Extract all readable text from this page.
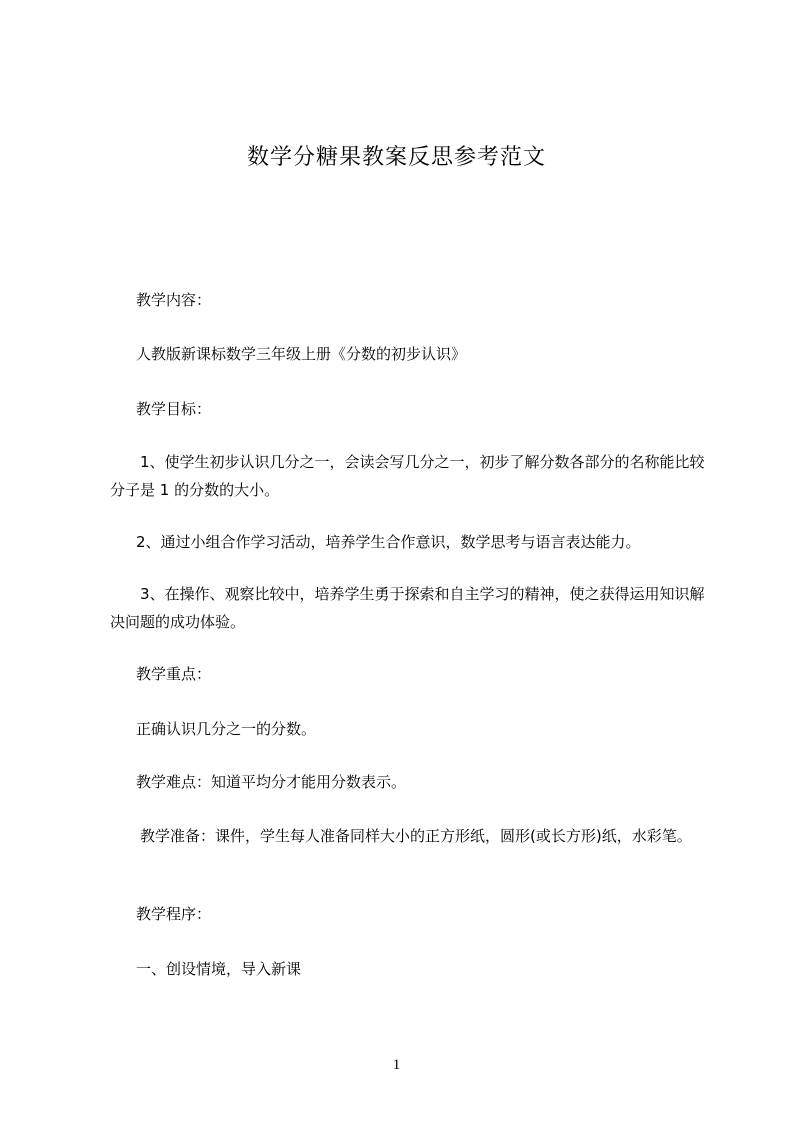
数学分糖果教案反思参考范文

教学内容：

人教版新课标数学三年级上册《分数的初步认识》

教学目标：

1、使学生初步认识几分之一，会读会写几分之一，初步了解分数各部分的名称能比较分子是 1 的分数的大小。

2、通过小组合作学习活动，培养学生合作意识，数学思考与语言表达能力。

3、在操作、观察比较中，培养学生勇于探索和自主学习的精神，使之获得运用知识解决问题的成功体验。

教学重点：

正确认识几分之一的分数。

教学难点：知道平均分才能用分数表示。

教学准备：课件，学生每人准备同样大小的正方形纸，圆形(或长方形)纸，水彩笔。

教学程序：

一、创设情境，导入新课

1
